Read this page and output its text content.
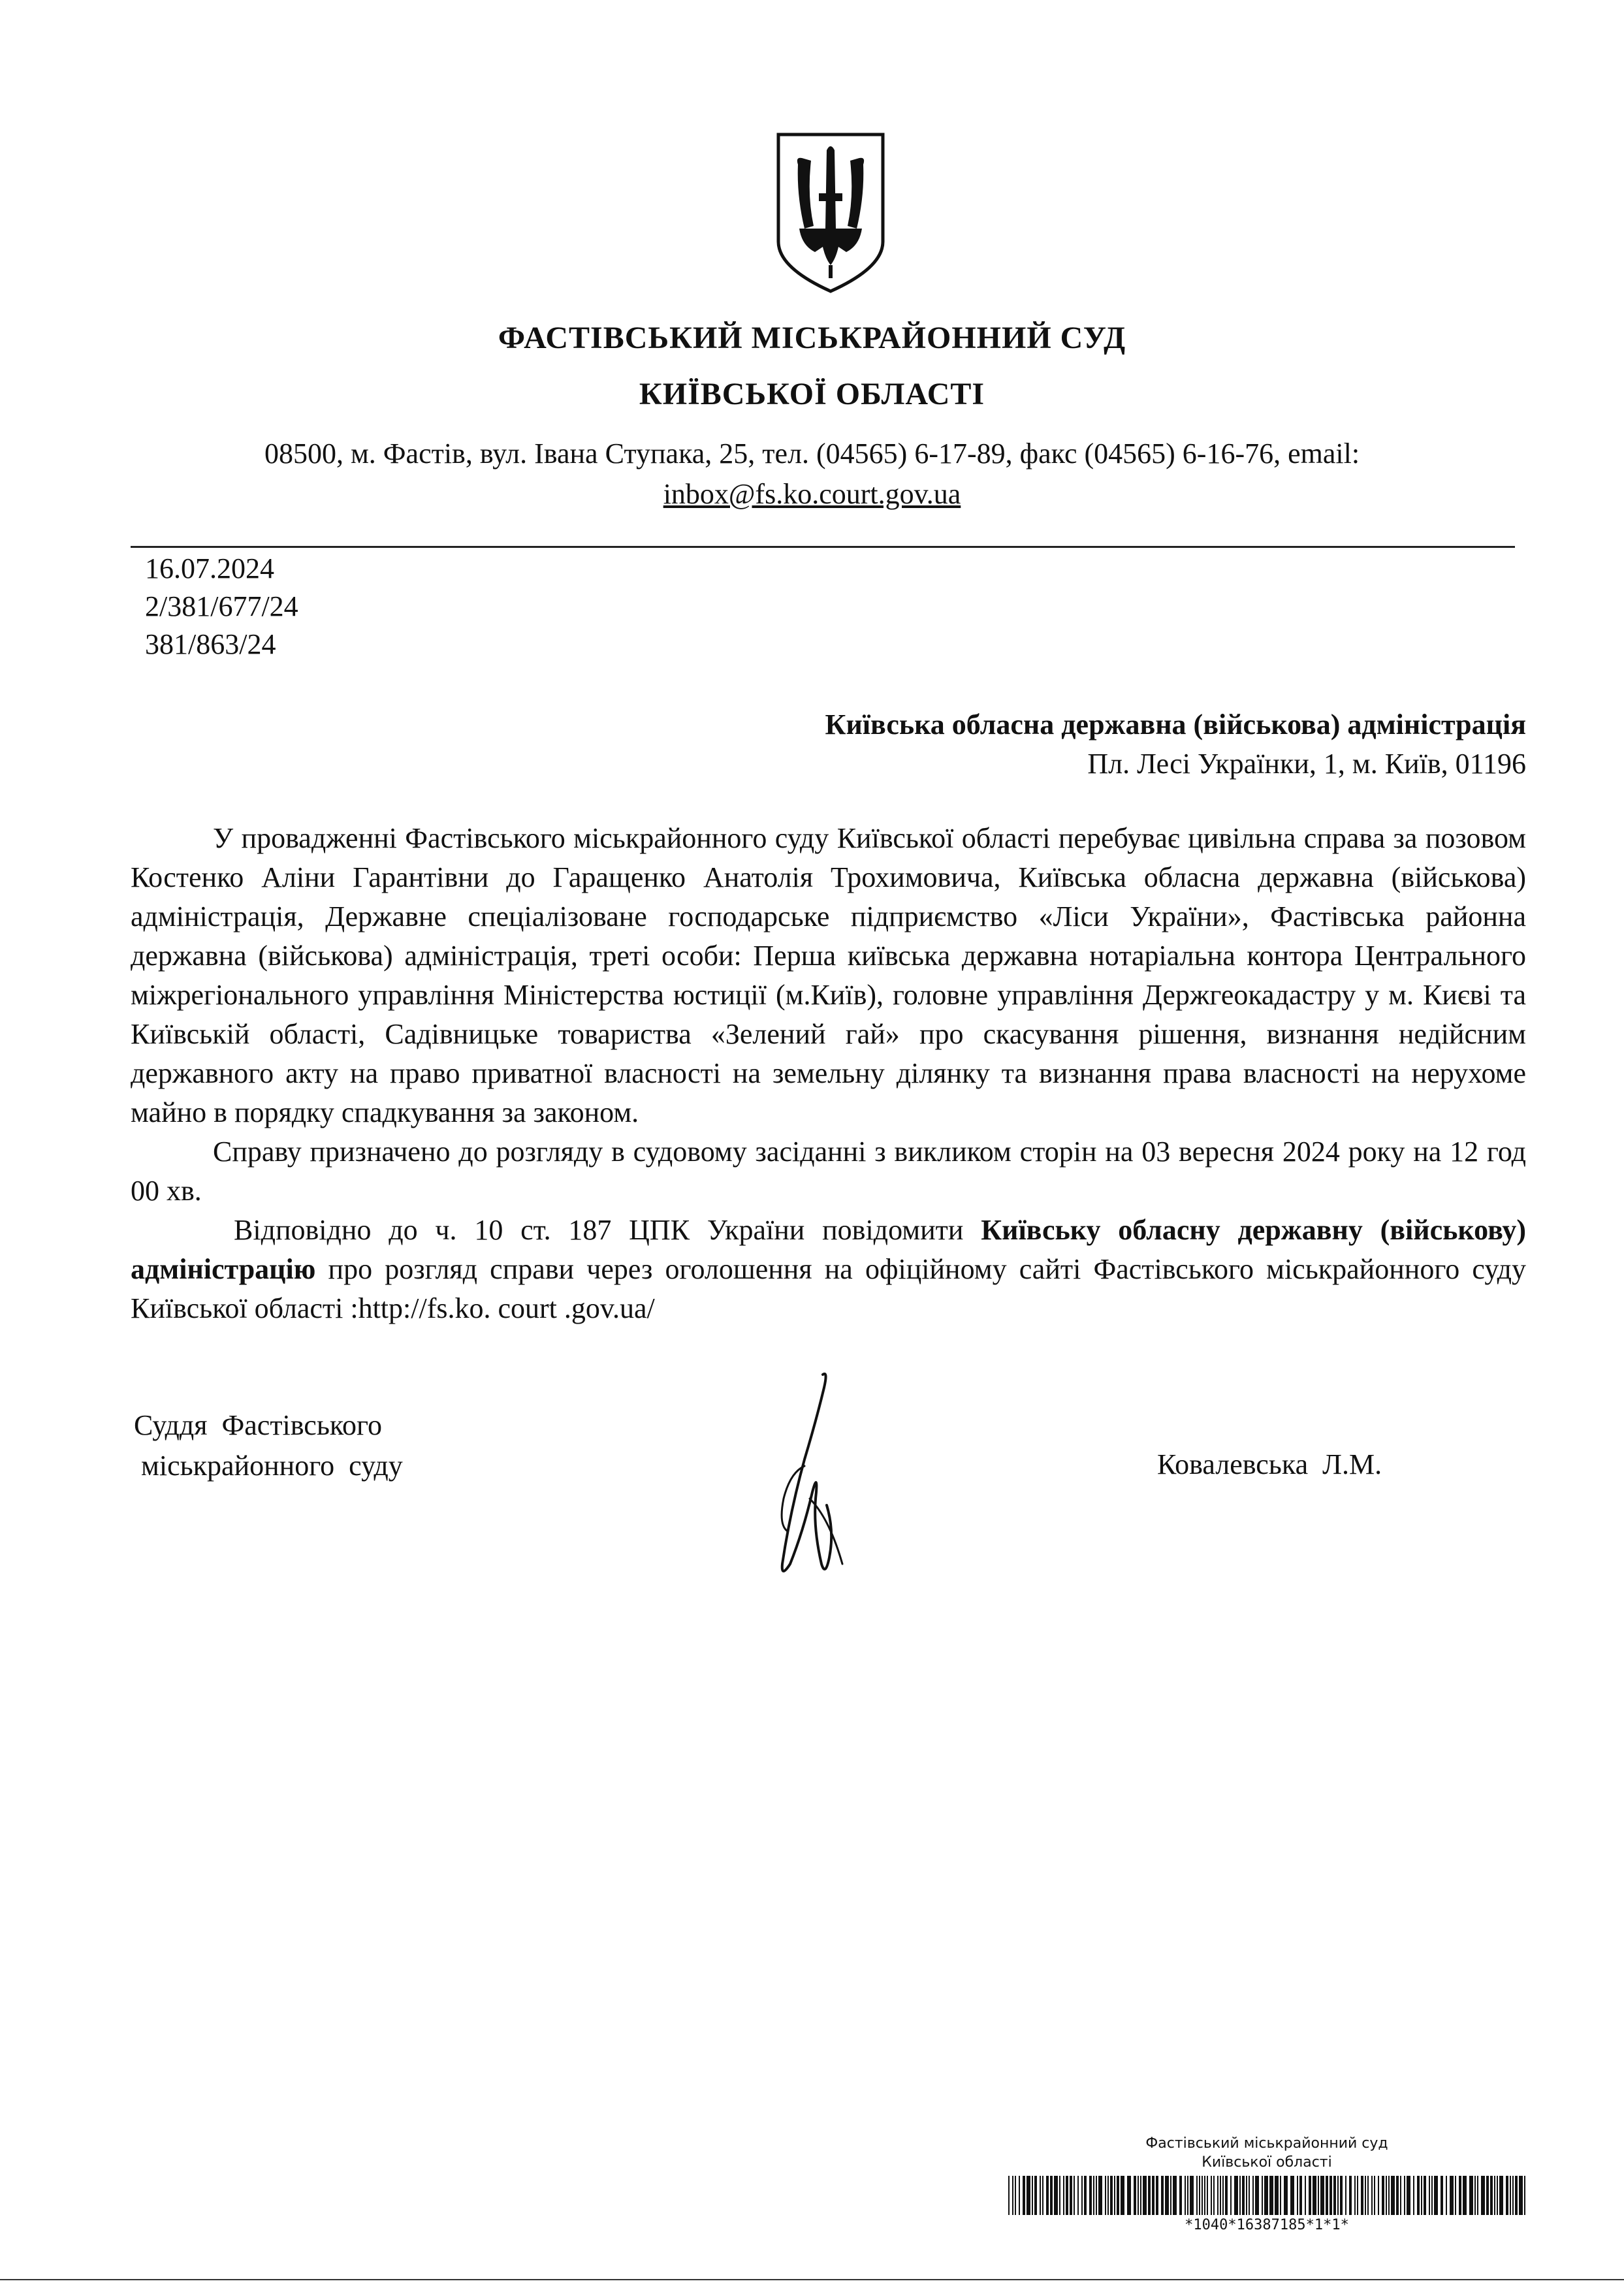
ФАСТІВСЬКИЙ МІСЬКРАЙОННИЙ СУД
КИЇВСЬКОЇ ОБЛАСТІ
08500, м. Фастів, вул. Івана Ступака, 25, тел. (04565) 6-17-89, факс (04565) 6-16-76, email:
inbox@fs.ko.court.gov.ua
16.07.2024
2/381/677/24
381/863/24
Київська обласна державна (військова) адміністрація
Пл. Лесі Українки, 1, м. Київ, 01196

У провадженні Фастівського міськрайонного суду Київської області перебуває цивільна справа за позовом Костенко Аліни Гарантівни до Гаращенко Анатолія Трохимовича, Київська обласна державна (військова) адміністрація, Державне спеціалізоване господарське підприємство «Ліси України», Фастівська районна державна (військова) адміністрація, треті особи: Перша київська державна нотаріальна контора Центрального міжрегіонального управління Міністерства юстиції (м.Київ), головне управління Держгеокадастру у м. Києві та Київській області, Садівницьке товариства «Зелений гай» про скасування рішення, визнання недійсним державного акту на право приватної власності на земельну ділянку та визнання права власності на нерухоме майно в порядку спадкування за законом.

Справу призначено до розгляду в судовому засіданні з викликом сторін на 03 вересня 2024 року на 12 год 00 хв.

Відповідно до ч. 10 ст. 187 ЦПК України повідомити Київську обласну державну (військову) адміністрацію про розгляд справи через оголошення на офіційному сайті Фастівського міськрайонного суду Київської області :http://fs.ko. court .gov.ua/

Суддя  Фастівського
міськрайонного  суду	Ковалевська  Л.М.
Фастівський міськрайонний суд
Київської області
*1040*16387185*1*1*
